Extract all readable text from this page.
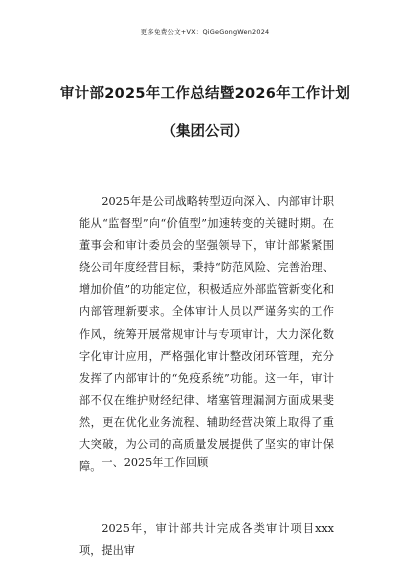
更多免费公文+VX：QiGeGongWen2024
审计部2025年工作总结暨2026年工作计划
（集团公司）
2025年是公司战略转型迈向深入、内部审计职能从“监督型”向“价值型”加速转变的关键时期。在董事会和审计委员会的坚强领导下，审计部紧紧围绕公司年度经营目标，秉持“防范风险、完善治理、增加价值”的功能定位，积极适应外部监管新变化和内部管理新要求。全体审计人员以严谨务实的工作作风，统筹开展常规审计与专项审计，大力深化数字化审计应用，严格强化审计整改闭环管理，充分发挥了内部审计的“免疫系统”功能。这一年，审计部不仅在维护财经纪律、堵塞管理漏洞方面成果斐然，更在优化业务流程、辅助经营决策上取得了重大突破，为公司的高质量发展提供了坚实的审计保障。 一、2025年工作回顾
2025年，审计部共计完成各类审计项目xxx项，提出审
